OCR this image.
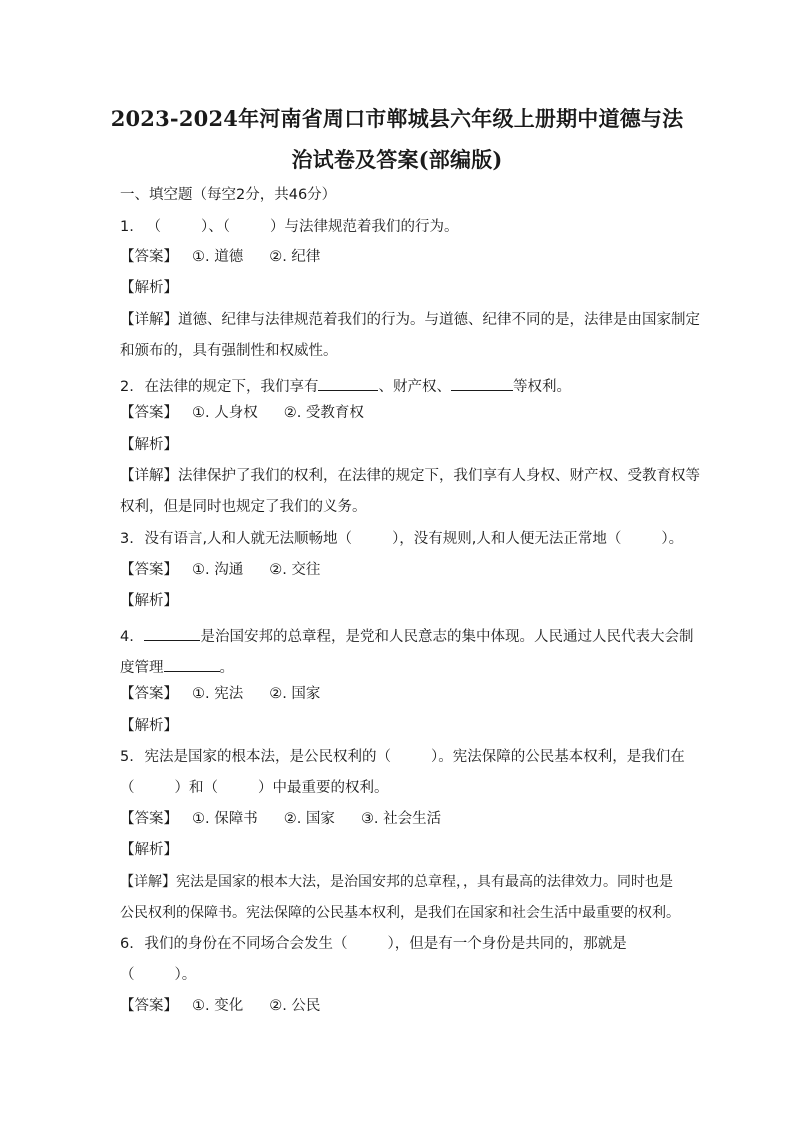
2023-2024年河南省周口市郸城县六年级上册期中道德与法
治试卷及答案(部编版)
一、填空题（每空2分，共46分）
1. （	）、（	）与法律规范着我们的行为。
【答案】 ①. 道德 ②. 纪律
【解析】
【详解】道德、纪律与法律规范着我们的行为。与道德、纪律不同的是，法律是由国家制定
和颁布的，具有强制性和权威性。
2. 在法律的规定下，我们享有	、财产权、	等权利。
【答案】 ①. 人身权 ②. 受教育权
【解析】
【详解】法律保护了我们的权利，在法律的规定下，我们享有人身权、财产权、受教育权等
权利，但是同时也规定了我们的义务。
3. 没有语言,人和人就无法顺畅地（	），没有规则,人和人便无法正常地（	）。
【答案】 ①. 沟通 ②. 交往
【解析】
4.	是治国安邦的总章程，是党和人民意志的集中体现。人民通过人民代表大会制
度管理	。
【答案】 ①. 宪法 ②. 国家
【解析】
5. 宪法是国家的根本法，是公民权利的（	）。宪法保障的公民基本权利，是我们在
（	）和（	）中最重要的权利。
【答案】 ①. 保障书 ②. 国家 ③. 社会生活
【解析】
【详解】宪法是国家的根本大法，是治国安邦的总章程，，具有最高的法律效力。同时也是
公民权利的保障书。宪法保障的公民基本权利，是我们在国家和社会生活中最重要的权利。
6. 我们的身份在不同场合会发生（	），但是有一个身份是共同的，那就是
（	）。
【答案】 ①. 变化 ②. 公民
